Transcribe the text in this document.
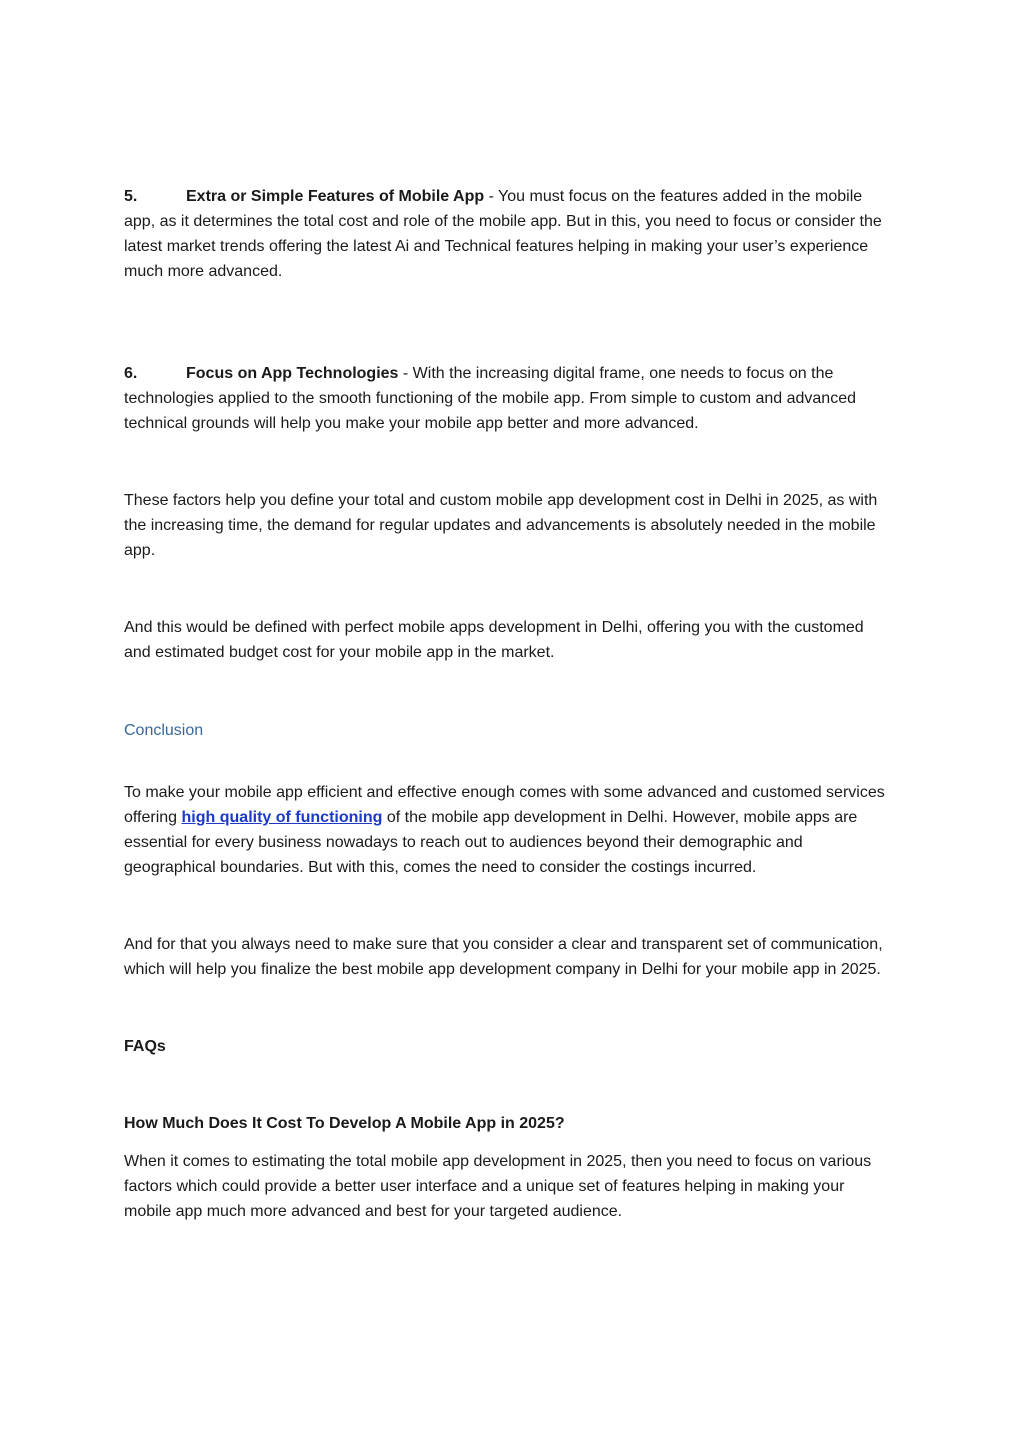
5.	Extra or Simple Features of Mobile App - You must focus on the features added in the mobile app, as it determines the total cost and role of the mobile app. But in this, you need to focus or consider the latest market trends offering the latest Ai and Technical features helping in making your user’s experience much more advanced.

6.	Focus on App Technologies - With the increasing digital frame, one needs to focus on the technologies applied to the smooth functioning of the mobile app. From simple to custom and advanced technical grounds will help you make your mobile app better and more advanced.

These factors help you define your total and custom mobile app development cost in Delhi in 2025, as with the increasing time, the demand for regular updates and advancements is absolutely needed in the mobile app.

And this would be defined with perfect mobile apps development in Delhi, offering you with the customed and estimated budget cost for your mobile app in the market.

Conclusion

To make your mobile app efficient and effective enough comes with some advanced and customed services offering high quality of functioning of the mobile app development in Delhi. However, mobile apps are essential for every business nowadays to reach out to audiences beyond their demographic and geographical boundaries. But with this, comes the need to consider the costings incurred.

And for that you always need to make sure that you consider a clear and transparent set of communication, which will help you finalize the best mobile app development company in Delhi for your mobile app in 2025.

FAQs

How Much Does It Cost To Develop A Mobile App in 2025?

When it comes to estimating the total mobile app development in 2025, then you need to focus on various factors which could provide a better user interface and a unique set of features helping in making your mobile app much more advanced and best for your targeted audience.
